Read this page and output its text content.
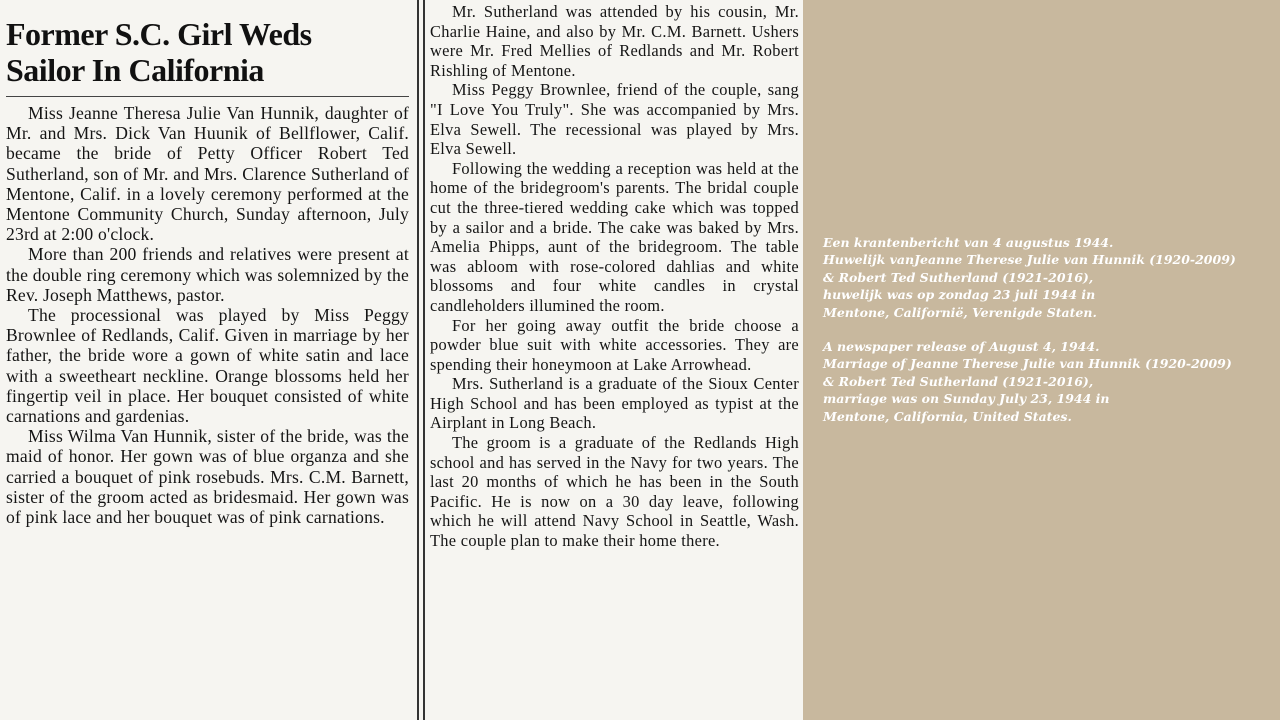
Former S.C. Girl Weds
Sailor In California

Miss Jeanne Theresa Julie Van Hunnik, daughter of Mr. and Mrs. Dick Van Huunik of Bellflower, Calif. became the bride of Petty Officer Robert Ted Sutherland, son of Mr. and Mrs. Clarence Sutherland of Mentone, Calif. in a lovely ceremony performed at the Mentone Community Church, Sunday afternoon, July 23rd at 2:00 o'clock.

More than 200 friends and relatives were present at the double ring ceremony which was solemnized by the Rev. Joseph Matthews, pastor.

The processional was played by Miss Peggy Brownlee of Redlands, Calif. Given in marriage by her father, the bride wore a gown of white satin and lace with a sweetheart neckline. Orange blossoms held her fingertip veil in place. Her bouquet consisted of white carnations and gardenias.

Miss Wilma Van Hunnik, sister of the bride, was the maid of honor. Her gown was of blue organza and she carried a bouquet of pink rosebuds. Mrs. C.M. Barnett, sister of the groom acted as bridesmaid. Her gown was of pink lace and her bouquet was of pink carnations.

Mr. Sutherland was attended by his cousin, Mr. Charlie Haine, and also by Mr. C.M. Barnett. Ushers were Mr. Fred Mellies of Redlands and Mr. Robert Rishling of Mentone.

Miss Peggy Brownlee, friend of the couple, sang "I Love You Truly". She was accompanied by Mrs. Elva Sewell. The recessional was played by Mrs. Elva Sewell.

Following the wedding a reception was held at the home of the bridegroom's parents. The bridal couple cut the three-tiered wedding cake which was topped by a sailor and a bride. The cake was baked by Mrs. Amelia Phipps, aunt of the bridegroom. The table was abloom with rose-colored dahlias and white blossoms and four white candles in crystal candleholders illumined the room.

For her going away outfit the bride choose a powder blue suit with white accessories. They are spending their honeymoon at Lake Arrowhead.

Mrs. Sutherland is a graduate of the Sioux Center High School and has been employed as typist at the Airplant in Long Beach.

The groom is a graduate of the Redlands High school and has served in the Navy for two years. The last 20 months of which he has been in the South Pacific. He is now on a 30 day leave, following which he will attend Navy School in Seattle, Wash. The couple plan to make their home there.

Een krantenbericht van 4 augustus 1944.
Huwelijk vanJeanne Therese Julie van Hunnik (1920-2009)
& Robert Ted Sutherland (1921-2016),
huwelijk was op zondag 23 juli 1944 in
Mentone, Californië, Verenigde Staten.

A newspaper release of August 4, 1944.
Marriage of Jeanne Therese Julie van Hunnik (1920-2009)
& Robert Ted Sutherland (1921-2016),
marriage was on Sunday July 23, 1944 in
Mentone, California, United States.
